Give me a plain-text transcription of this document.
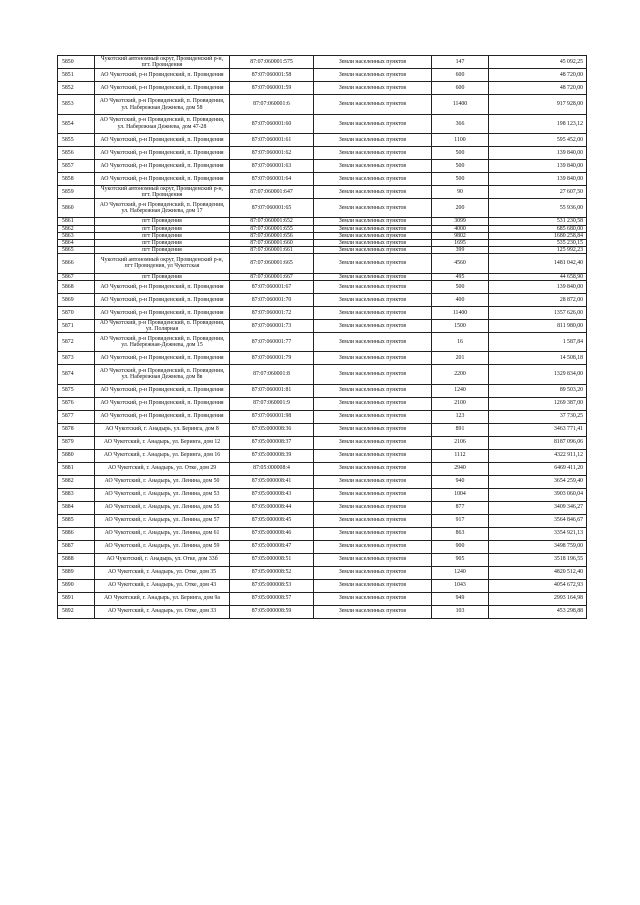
5850	Чукотский автономный округ, Провиденский р-н, пгт. Провидения	87:07:060001:575	Земли населенных пунктов	147	45 092,25
5851	АО Чукотский, р-н Провиденский, п. Провидения	87:07:060001:58	Земли населенных пунктов	600	48 720,00
5852	АО Чукотский, р-н Провиденский, п. Провидения	87:07:060001:59	Земли населенных пунктов	600	48 720,00
5853	АО Чукотский, р-н Провиденский, п. Провидения, ул. Набережная Дежнева, дом 58	87:07:060001:6	Земли населенных пунктов	11400	917 928,00
5854	АО Чукотский, р-н Провиденский, п. Провидения, ул. Набережная Дежнева, дом 47-28	87:07:060001:60	Земли населенных пунктов	366	198 123,12
5855	АО Чукотский, р-н Провиденский, п. Провидения	87:07:060001:61	Земли населенных пунктов	1100	595 452,00
5856	АО Чукотский, р-н Провиденский, п. Провидения	87:07:060001:62	Земли населенных пунктов	500	139 840,00
5857	АО Чукотский, р-н Провиденский, п. Провидения	87:07:060001:63	Земли населенных пунктов	500	139 840,00
5858	АО Чукотский, р-н Провиденский, п. Провидения	87:07:060001:64	Земли населенных пунктов	500	139 840,00
5859	Чукотский автономный округ, Провиденский р-н, пгт. Провидения	87:07:060001:647	Земли населенных пунктов	90	27 607,50
5860	АО Чукотский, р-н Провиденский, п. Провидения, ул. Набережная Дежнева, дом 17	87:07:060001:65	Земли населенных пунктов	200	55 936,00
5861	пгт Провидения	87:07:060001:652	Земли населенных пунктов	3099	531 230,58
5862	пгт Провидения	87:07:060001:655	Земли населенных пунктов	4000	685 680,00
5863	пгт Провидения	87:07:060001:656	Земли населенных пунктов	9802	1680 258,84
5864	пгт Провидения	87:07:060001:660	Земли населенных пунктов	1695	535 230,15
5865	пгт Провидения	87:07:060001:661	Земли населенных пунктов	399	125 992,23
5866	Чукотский автономный округ, Провиденский р-н, пгт Провидения, ул Чукотская	87:07:060001:665	Земли населенных пунктов	4560	1481 042,40
5867	пгт Провидения	87:07:060001:667	Земли населенных пунктов	495	44 658,90
5868	АО Чукотский, р-н Провиденский, п. Провидения	87:07:060001:67	Земли населенных пунктов	500	139 840,00
5869	АО Чукотский, р-н Провиденский, п. Провидения	87:07:060001:70	Земли населенных пунктов	400	28 872,00
5870	АО Чукотский, р-н Провиденский, п. Провидения	87:07:060001:72	Земли населенных пунктов	11400	1357 626,00
5871	АО Чукотский, р-н Провиденский, п. Провидения, ул. Полярная	87:07:060001:73	Земли населенных пунктов	1500	811 980,00
5872	АО Чукотский, р-н Провиденский, п. Провидения, ул. Набережная-Дежнева, дом 15	87:07:060001:77	Земли населенных пунктов	16	1 587,84
5873	АО Чукотский, р-н Провиденский, п. Провидения	87:07:060001:79	Земли населенных пунктов	201	14 508,18
5874	АО Чукотский, р-н Провиденский, п. Провидения, ул. Набережная Дежнева, дом 8в	87:07:060001:8	Земли населенных пунктов	2200	1329 834,00
5875	АО Чукотский, р-н Провиденский, п. Провидения	87:07:060001:81	Земли населенных пунктов	1240	89 503,20
5876	АО Чукотский, р-н Провиденский, п. Провидения	87:07:060001:9	Земли населенных пунктов	2100	1269 387,00
5877	АО Чукотский, р-н Провиденский, п. Провидения	87:07:060001:98	Земли населенных пунктов	123	37 730,25
5878	АО Чукотский, г. Анадырь, ул. Беринга, дом 8	87:05:000008:36	Земли населенных пунктов	891	3463 771,41
5879	АО Чукотский, г. Анадырь, ул. Беринга, дом 12	87:05:000008:37	Земли населенных пунктов	2106	8187 096,06
5880	АО Чукотский, г. Анадырь, ул. Беринга, дом 16	87:05:000008:39	Земли населенных пунктов	1112	4322 911,12
5881	АО Чукотский, г. Анадырь, ул. Отке, дом 29	87:05:000008:4	Земли населенных пунктов	2940	6469 411,20
5882	АО Чукотский, г. Анадырь, ул. Ленина, дом 50	87:05:000008:41	Земли населенных пунктов	940	3654 259,40
5883	АО Чукотский, г. Анадырь, ул. Ленина, дом 53	87:05:000008:43	Земли населенных пунктов	1004	3903 060,04
5884	АО Чукотский, г. Анадырь, ул. Ленина, дом 55	87:05:000008:44	Земли населенных пунктов	877	3409 346,27
5885	АО Чукотский, г. Анадырь, ул. Ленина, дом 57	87:05:000008:45	Земли населенных пунктов	917	3564 846,67
5886	АО Чукотский, г. Анадырь, ул. Ленина, дом 61	87:05:000008:46	Земли населенных пунктов	863	3354 921,13
5887	АО Чукотский, г. Анадырь, ул. Ленина, дом 59	87:05:000008:47	Земли населенных пунктов	900	3498 759,00
5888	АО Чукотский, г. Анадырь, ул. Отке, дом 33б	87:05:000008:51	Земли населенных пунктов	905	3518 196,55
5889	АО Чукотский, г. Анадырь, ул. Отке, дом 35	87:05:000008:52	Земли населенных пунктов	1240	4820 512,40
5890	АО Чукотский, г. Анадырь, ул. Отке, дом 43	87:05:000008:53	Земли населенных пунктов	1043	4054 672,93
5891	АО Чукотский, г. Анадырь, ул. Беринга, дом 9а	87:05:000008:57	Земли населенных пунктов	949	2993 164,98
5892	АО Чукотский, г. Анадырь, ул. Отке, дом 33	87:05:000008:59	Земли населенных пунктов	103	453 298,88
